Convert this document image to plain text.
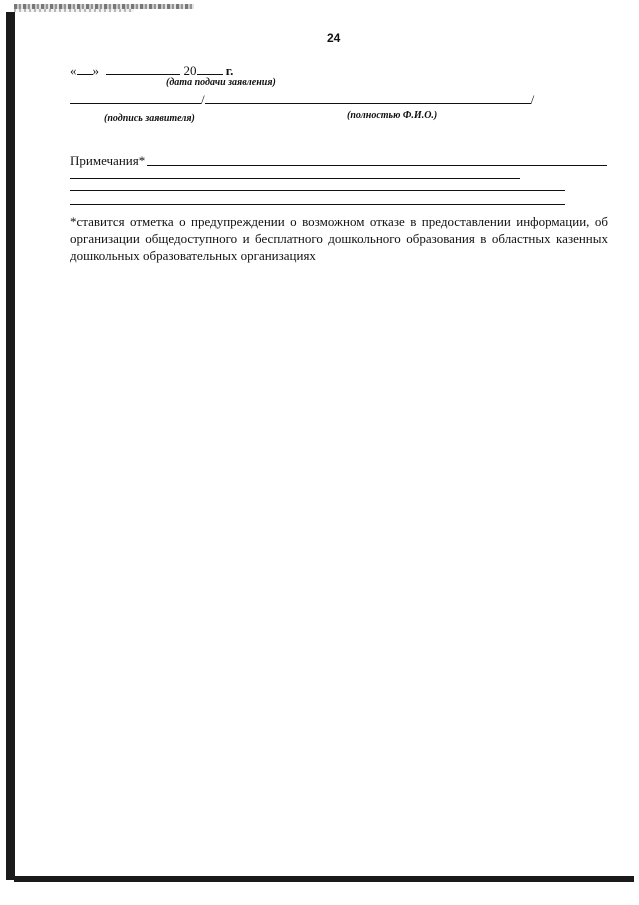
24
« »	20 г.
(дата подачи заявления)
/	/
(подпись заявителя)	(полностью Ф.И.О.)
Примечания*
*ставится отметка о предупреждении о возможном отказе в предоставлении информации, об организации общедоступного и бесплатного дошкольного образования в областных казенных дошкольных образовательных организациях
